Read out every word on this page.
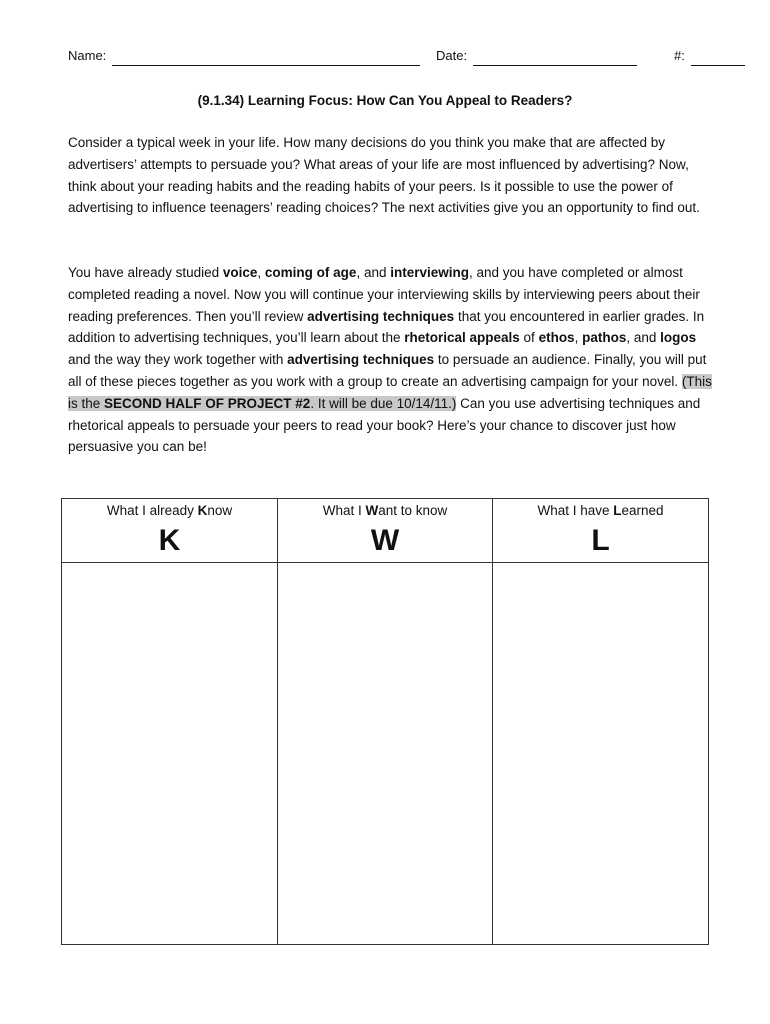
Name:	Date:	#:
(9.1.34) Learning Focus: How Can You Appeal to Readers?
Consider a typical week in your life. How many decisions do you think you make that are affected by advertisers’ attempts to persuade you? What areas of your life are most influenced by advertising? Now, think about your reading habits and the reading habits of your peers. Is it possible to use the power of advertising to influence teenagers’ reading choices? The next activities give you an opportunity to find out.
You have already studied voice, coming of age, and interviewing, and you have completed or almost completed reading a novel. Now you will continue your interviewing skills by interviewing peers about their reading preferences. Then you’ll review advertising techniques that you encountered in earlier grades. In addition to advertising techniques, you’ll learn about the rhetorical appeals of ethos, pathos, and logos and the way they work together with advertising techniques to persuade an audience. Finally, you will put all of these pieces together as you work with a group to create an advertising campaign for your novel. (This is the SECOND HALF OF PROJECT #2. It will be due 10/14/11.) Can you use advertising techniques and rhetorical appeals to persuade your peers to read your book? Here’s your chance to discover just how persuasive you can be!
What I already Know
K
What I Want to know
W
What I have Learned
L
